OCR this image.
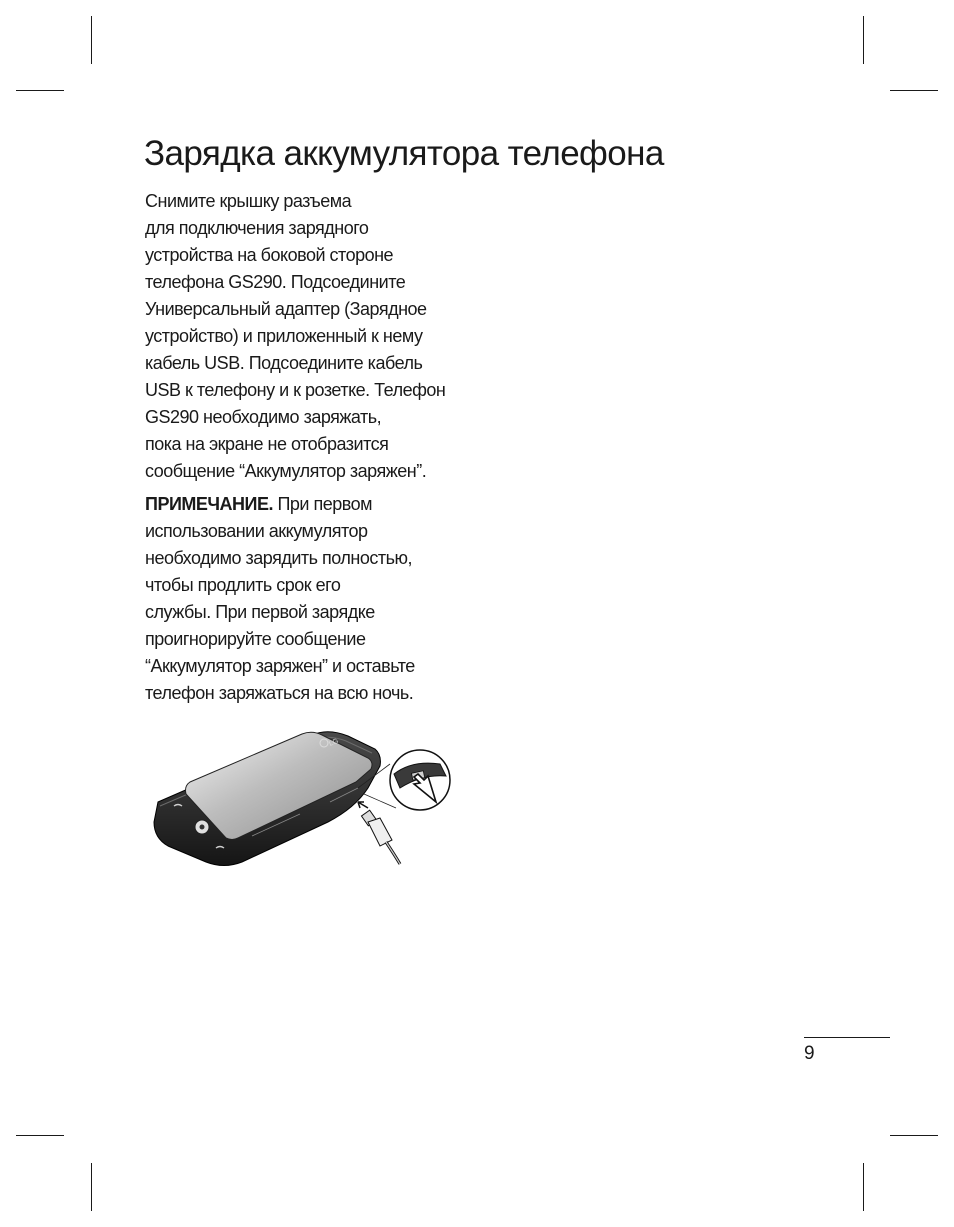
Зарядка аккумулятора телефона
Снимите крышку разъема
для подключения зарядного
устройства на боковой стороне
телефона GS290. Подсоедините
Универсальный адаптер (Зарядное
устройство) и приложенный к нему
кабель USB. Подсоедините кабель
USB к телефону и к розетке. Телефон
GS290 необходимо заряжать,
пока на экране не отобразится
сообщение “Аккумулятор заряжен”.
ПРИМЕЧАНИЕ. При первом
использовании аккумулятор
необходимо зарядить полностью,
чтобы продлить срок его
службы. При первой зарядке
проигнорируйте сообщение
“Аккумулятор заряжен” и оставьте
телефон заряжаться на всю ночь.
LG
9
